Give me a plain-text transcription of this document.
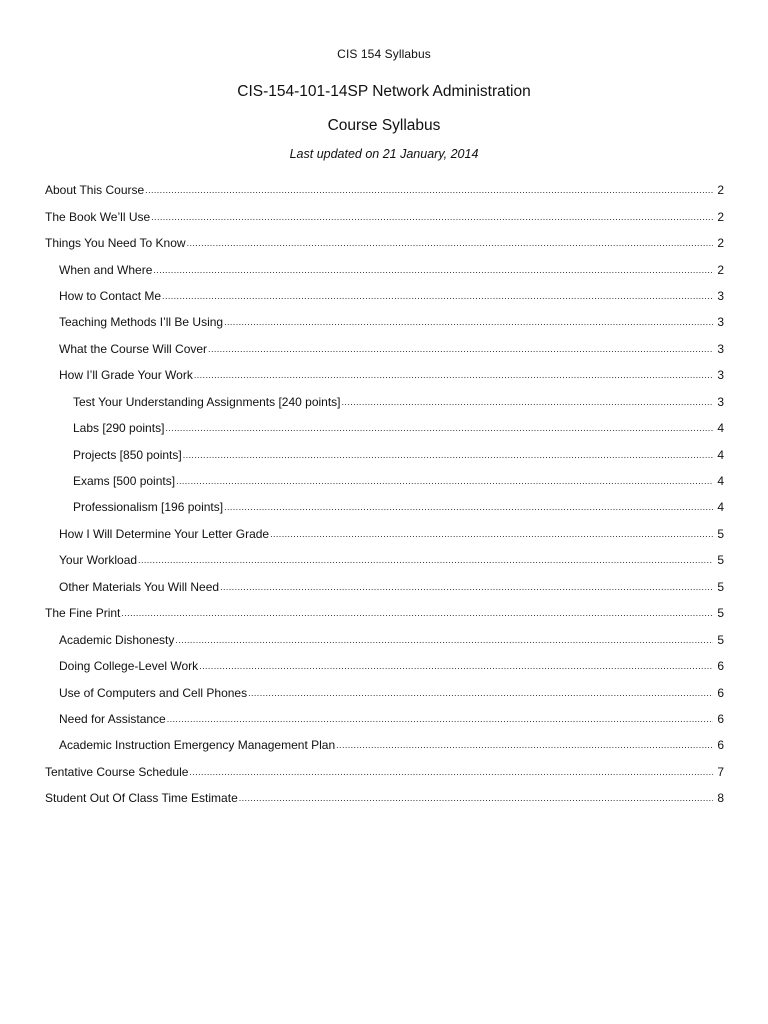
CIS 154 Syllabus
CIS-154-101-14SP Network Administration
Course Syllabus
Last updated on 21 January, 2014
About This Course .....	2
The Book We’ll Use .....	2
Things You Need To Know .....	2
When and Where .....	2
How to Contact Me .....	3
Teaching Methods I’ll Be Using .....	3
What the Course Will Cover .....	3
How I’ll Grade Your Work .....	3
Test Your Understanding Assignments [240 points] .....	3
Labs [290 points] .....	4
Projects [850 points] .....	4
Exams [500 points] .....	4
Professionalism [196 points] .....	4
How I Will Determine Your Letter Grade .....	5
Your Workload .....	5
Other Materials You Will Need .....	5
The Fine Print .....	5
Academic Dishonesty .....	5
Doing College-Level Work .....	6
Use of Computers and Cell Phones .....	6
Need for Assistance .....	6
Academic Instruction Emergency Management Plan .....	6
Tentative Course Schedule .....	7
Student Out Of Class Time Estimate .....	8
